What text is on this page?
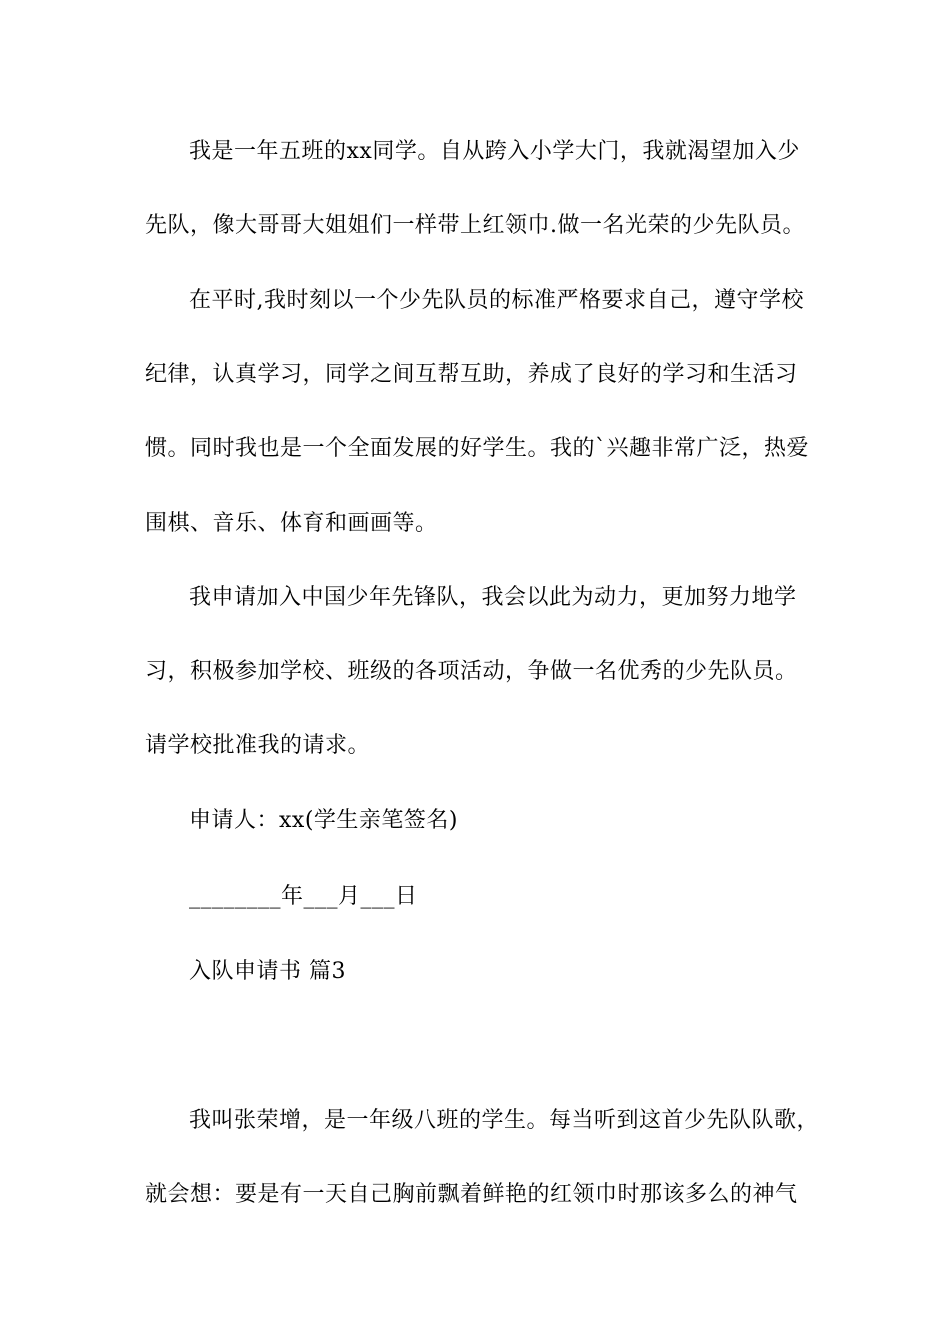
我是一年五班的xx同学。自从跨入小学大门，我就渴望加入少
先队，像大哥哥大姐姐们一样带上红领巾.做一名光荣的少先队员。
在平时,我时刻以一个少先队员的标准严格要求自己，遵守学校
纪律，认真学习，同学之间互帮互助，养成了良好的学习和生活习
惯。同时我也是一个全面发展的好学生。我的`兴趣非常广泛，热爱
围棋、音乐、体育和画画等。
我申请加入中国少年先锋队，我会以此为动力，更加努力地学
习，积极参加学校、班级的各项活动，争做一名优秀的少先队员。
请学校批准我的请求。
申请人：xx(学生亲笔签名)
________年___月___日
入队申请书 篇3
我叫张荣增，是一年级八班的学生。每当听到这首少先队队歌，
就会想：要是有一天自己胸前飘着鲜艳的红领巾时那该多么的神气
